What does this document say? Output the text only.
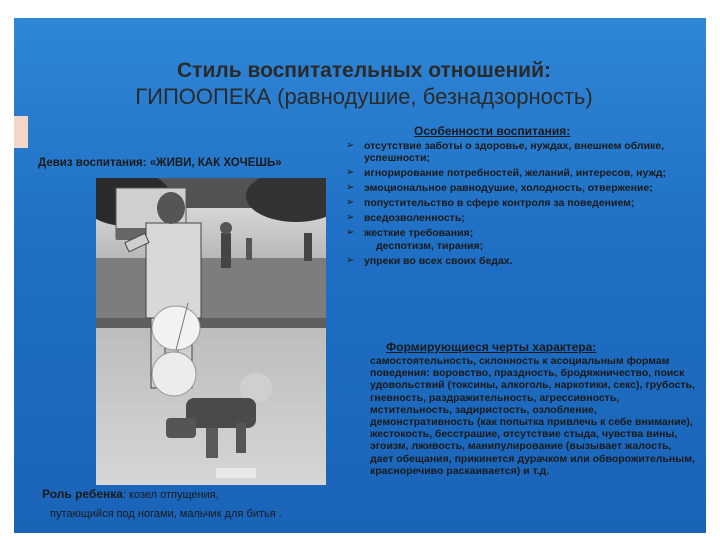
Стиль воспитательных отношений:
ГИПООПЕКА (равнодушие, безнадзорность)
Девиз воспитания: «ЖИВИ, КАК ХОЧЕШЬ»
Особенности воспитания:
➢ отсутствие заботы о здоровье, нуждах, внешнем облике, успешности;
➢ игнорирование потребностей, желаний, интересов, нужд;
➢ эмоциональное равнодушие, холодность, отвержение;
➢ попустительство в сфере контроля за поведением;
➢ вседозволенность;
➢ жесткие требования;
деспотизм, тирания;
➢ упреки во всех своих бедах.
Формирующиеся черты характера:
самостоятельность, склонность к асоциальным формам поведения: воровство, праздность, бродяжничество, поиск удовольствий (токсины, алкоголь, наркотики, секс), грубость, гневность, раздражительность, агрессивность, мстительность, задиристость, озлобление, демонстративность (как попытка привлечь к себе внимание), жестокость, бесстрашие, отсутствие стыда, чувства вины, эгоизм, лживость, манипулирование (вызывает жалость, дает обещания, прикинется дурачком или обворожительным, красноречиво раскаивается) и т.д.
Роль ребенка: козел отпущения,
путающийся под ногами, мальчик для битья .
